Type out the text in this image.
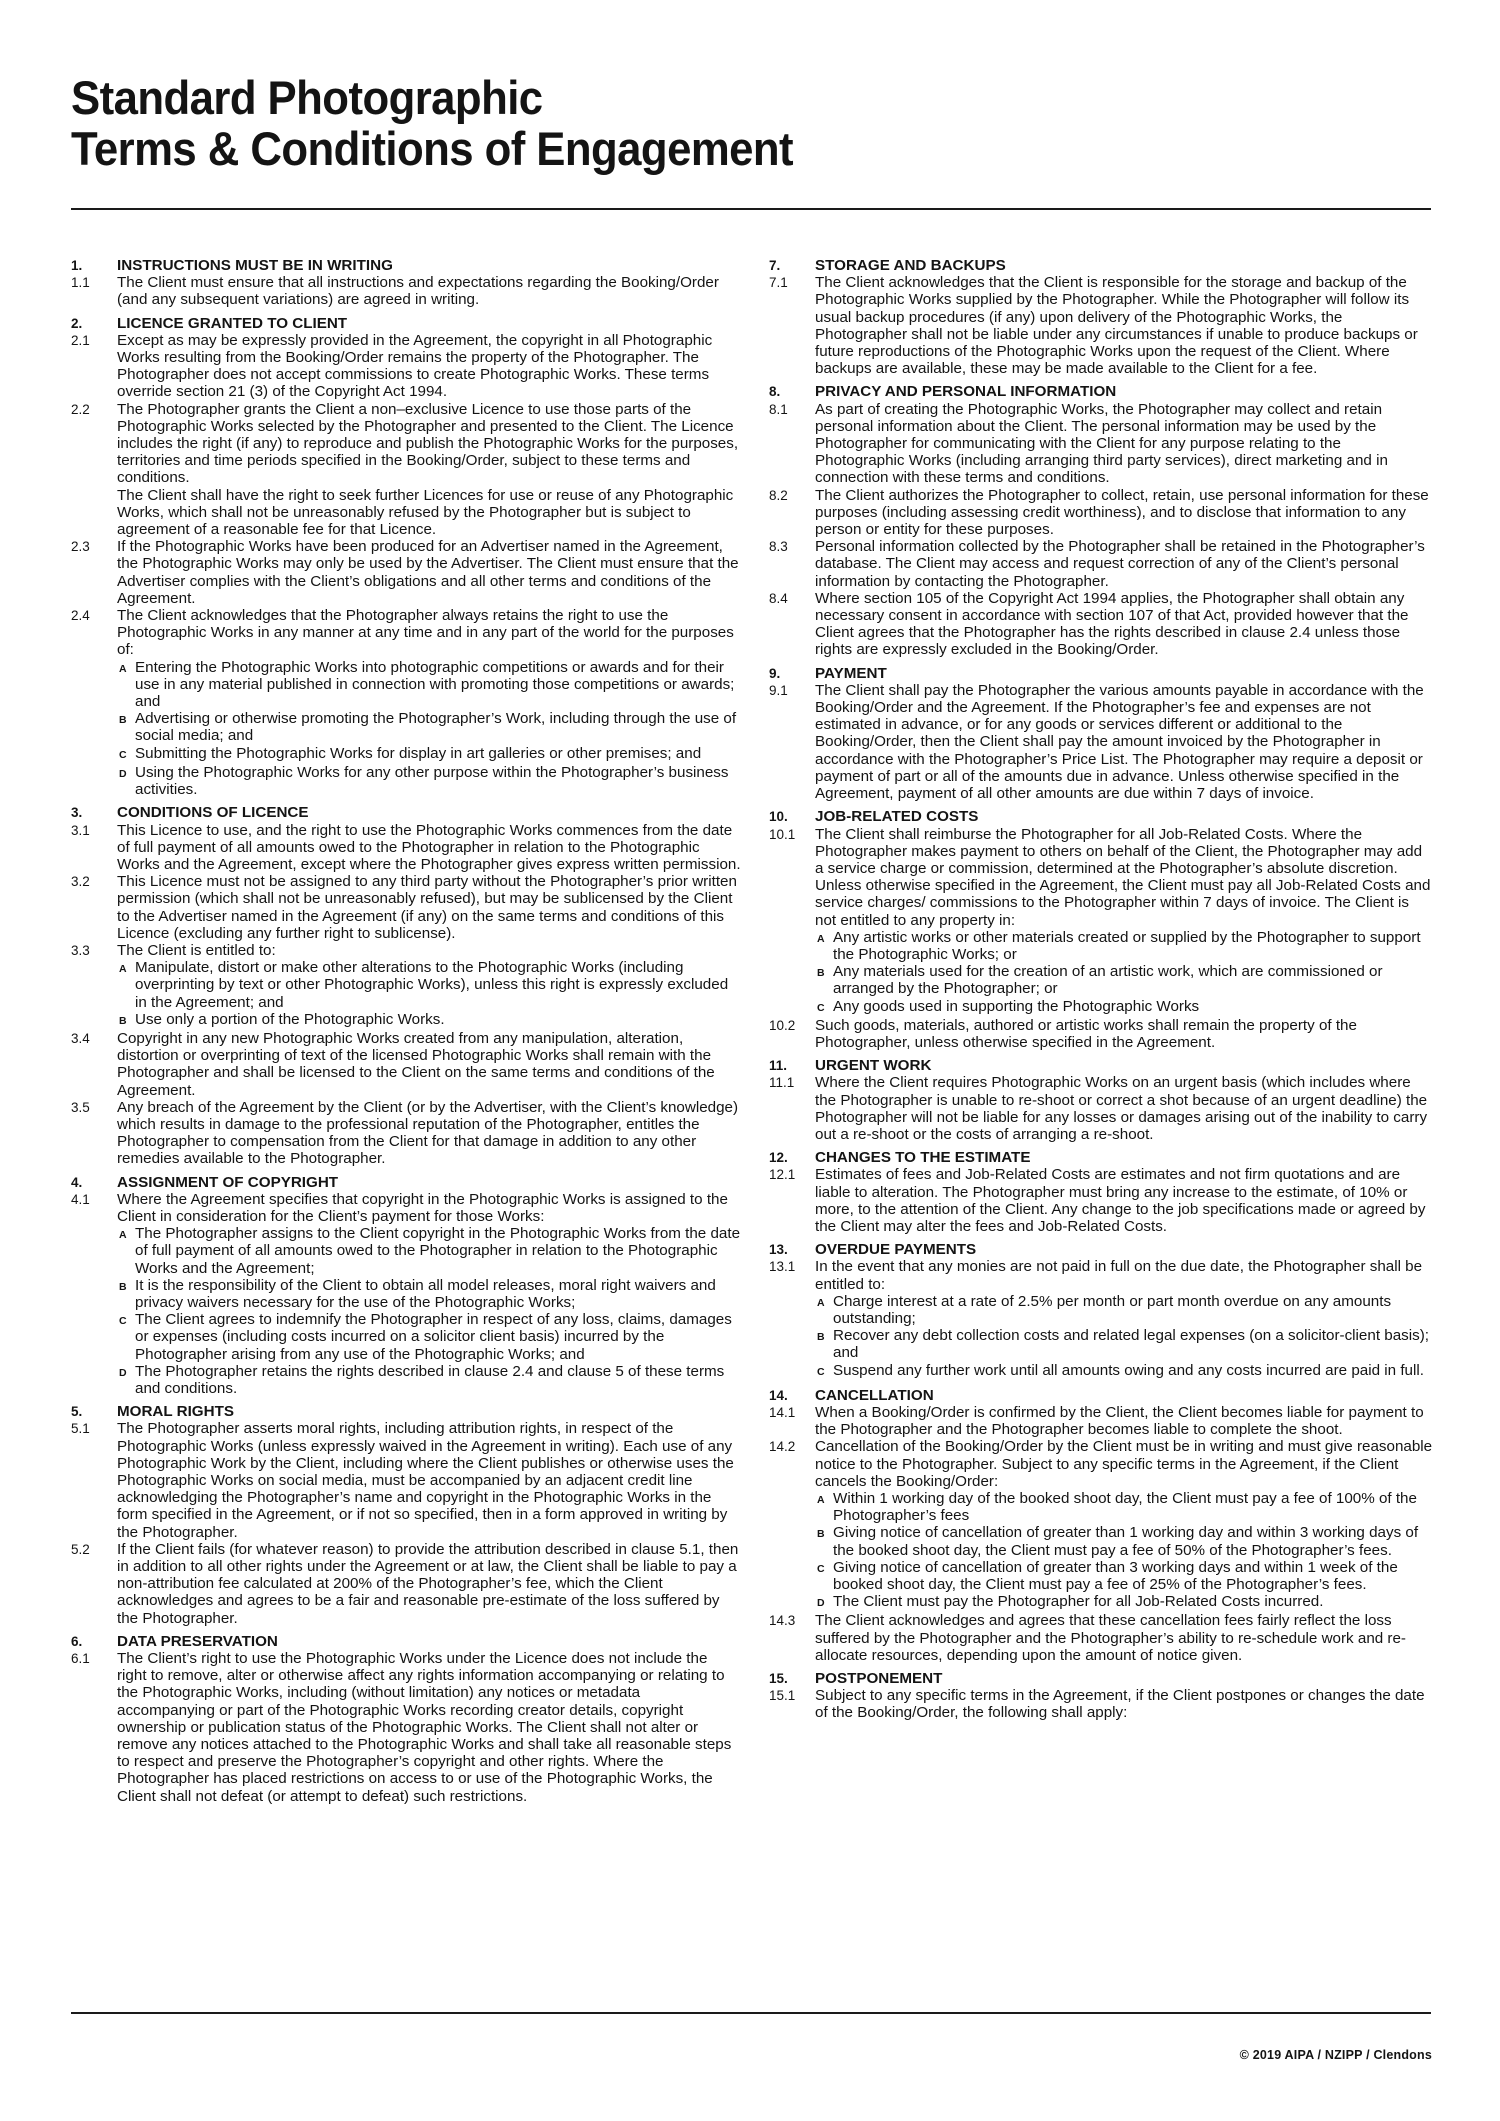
Standard Photographic
Terms & Conditions of Engagement
1.	INSTRUCTIONS MUST BE IN WRITING
1.1	The Client must ensure that all instructions and expectations regarding the Booking/Order (and any subsequent variations) are agreed in writing.
2.	LICENCE GRANTED TO CLIENT
2.1	Except as may be expressly provided in the Agreement, the copyright in all Photographic Works resulting from the Booking/Order remains the property of the Photographer. The Photographer does not accept commissions to create Photographic Works. These terms override section 21 (3) of the Copyright Act 1994.
2.2	The Photographer grants the Client a non–exclusive Licence to use those parts of the Photographic Works selected by the Photographer and presented to the Client. The Licence includes the right (if any) to reproduce and publish the Photographic Works for the purposes, territories and time periods specified in the Booking/Order, subject to these terms and conditions.
The Client shall have the right to seek further Licences for use or reuse of any Photographic Works, which shall not be unreasonably refused by the Photographer but is subject to agreement of a reasonable fee for that Licence.
2.3	If the Photographic Works have been produced for an Advertiser named in the Agreement, the Photographic Works may only be used by the Advertiser. The Client must ensure that the Advertiser complies with the Client’s obligations and all other terms and conditions of the Agreement.
2.4	The Client acknowledges that the Photographer always retains the right to use the Photographic Works in any manner at any time and in any part of the world for the purposes of:
A Entering the Photographic Works into photographic competitions or awards and for their use in any material published in connection with promoting those competitions or awards; and
B Advertising or otherwise promoting the Photographer’s Work, including through the use of social media; and
C Submitting the Photographic Works for display in art galleries or other premises; and
D Using the Photographic Works for any other purpose within the Photographer’s business activities.
3.	CONDITIONS OF LICENCE
3.1	This Licence to use, and the right to use the Photographic Works commences from the date of full payment of all amounts owed to the Photographer in relation to the Photographic Works and the Agreement, except where the Photographer gives express written permission.
3.2	This Licence must not be assigned to any third party without the Photographer’s prior written permission (which shall not be unreasonably refused), but may be sublicensed by the Client to the Advertiser named in the Agreement (if any) on the same terms and conditions of this Licence (excluding any further right to sublicense).
3.3	The Client is entitled to:
A Manipulate, distort or make other alterations to the Photographic Works (including overprinting by text or other Photographic Works), unless this right is expressly excluded in the Agreement; and
B Use only a portion of the Photographic Works.
3.4	Copyright in any new Photographic Works created from any manipulation, alteration, distortion or overprinting of text of the licensed Photographic Works shall remain with the Photographer and shall be licensed to the Client on the same terms and conditions of the Agreement.
3.5	Any breach of the Agreement by the Client (or by the Advertiser, with the Client’s knowledge) which results in damage to the professional reputation of the Photographer, entitles the Photographer to compensation from the Client for that damage in addition to any other remedies available to the Photographer.
4.	ASSIGNMENT OF COPYRIGHT
4.1	Where the Agreement specifies that copyright in the Photographic Works is assigned to the Client in consideration for the Client’s payment for those Works:
A The Photographer assigns to the Client copyright in the Photographic Works from the date of full payment of all amounts owed to the Photographer in relation to the Photographic Works and the Agreement;
B It is the responsibility of the Client to obtain all model releases, moral right waivers and privacy waivers necessary for the use of the Photographic Works;
C The Client agrees to indemnify the Photographer in respect of any loss, claims, damages or expenses (including costs incurred on a solicitor client basis) incurred by the Photographer arising from any use of the Photographic Works; and
D The Photographer retains the rights described in clause 2.4 and clause 5 of these terms and conditions.
5.	MORAL RIGHTS
5.1	The Photographer asserts moral rights, including attribution rights, in respect of the Photographic Works (unless expressly waived in the Agreement in writing). Each use of any Photographic Work by the Client, including where the Client publishes or otherwise uses the Photographic Works on social media, must be accompanied by an adjacent credit line acknowledging the Photographer’s name and copyright in the Photographic Works in the form specified in the Agreement, or if not so specified, then in a form approved in writing by the Photographer.
5.2	If the Client fails (for whatever reason) to provide the attribution described in clause 5.1, then in addition to all other rights under the Agreement or at law, the Client shall be liable to pay a non-attribution fee calculated at 200% of the Photographer’s fee, which the Client acknowledges and agrees to be a fair and reasonable pre-estimate of the loss suffered by the Photographer.
6.	DATA PRESERVATION
6.1	The Client’s right to use the Photographic Works under the Licence does not include the right to remove, alter or otherwise affect any rights information accompanying or relating to the Photographic Works, including (without limitation) any notices or metadata accompanying or part of the Photographic Works recording creator details, copyright ownership or publication status of the Photographic Works. The Client shall not alter or remove any notices attached to the Photographic Works and shall take all reasonable steps to respect and preserve the Photographer’s copyright and other rights. Where the Photographer has placed restrictions on access to or use of the Photographic Works, the Client shall not defeat (or attempt to defeat) such restrictions.
7.	STORAGE AND BACKUPS
7.1	The Client acknowledges that the Client is responsible for the storage and backup of the Photographic Works supplied by the Photographer. While the Photographer will follow its usual backup procedures (if any) upon delivery of the Photographic Works, the Photographer shall not be liable under any circumstances if unable to produce backups or future reproductions of the Photographic Works upon the request of the Client. Where backups are available, these may be made available to the Client for a fee.
8.	PRIVACY AND PERSONAL INFORMATION
8.1	As part of creating the Photographic Works, the Photographer may collect and retain personal information about the Client. The personal information may be used by the Photographer for communicating with the Client for any purpose relating to the Photographic Works (including arranging third party services), direct marketing and in connection with these terms and conditions.
8.2	The Client authorizes the Photographer to collect, retain, use personal information for these purposes (including assessing credit worthiness), and to disclose that information to any person or entity for these purposes.
8.3	Personal information collected by the Photographer shall be retained in the Photographer’s database. The Client may access and request correction of any of the Client’s personal information by contacting the Photographer.
8.4	Where section 105 of the Copyright Act 1994 applies, the Photographer shall obtain any necessary consent in accordance with section 107 of that Act, provided however that the Client agrees that the Photographer has the rights described in clause 2.4 unless those rights are expressly excluded in the Booking/Order.
9.	PAYMENT
9.1	The Client shall pay the Photographer the various amounts payable in accordance with the Booking/Order and the Agreement. If the Photographer’s fee and expenses are not estimated in advance, or for any goods or services different or additional to the Booking/Order, then the Client shall pay the amount invoiced by the Photographer in accordance with the Photographer’s Price List. The Photographer may require a deposit or payment of part or all of the amounts due in advance. Unless otherwise specified in the Agreement, payment of all other amounts are due within 7 days of invoice.
10.	JOB-RELATED COSTS
10.1	The Client shall reimburse the Photographer for all Job-Related Costs. Where the Photographer makes payment to others on behalf of the Client, the Photographer may add a service charge or commission, determined at the Photographer’s absolute discretion. Unless otherwise specified in the Agreement, the Client must pay all Job-Related Costs and service charges/ commissions to the Photographer within 7 days of invoice. The Client is not entitled to any property in:
A Any artistic works or other materials created or supplied by the Photographer to support the Photographic Works; or
B Any materials used for the creation of an artistic work, which are commissioned or arranged by the Photographer; or
C Any goods used in supporting the Photographic Works
10.2	Such goods, materials, authored or artistic works shall remain the property of the Photographer, unless otherwise specified in the Agreement.
11.	URGENT WORK
11.1	Where the Client requires Photographic Works on an urgent basis (which includes where the Photographer is unable to re-shoot or correct a shot because of an urgent deadline) the Photographer will not be liable for any losses or damages arising out of the inability to carry out a re-shoot or the costs of arranging a re-shoot.
12.	CHANGES TO THE ESTIMATE
12.1	Estimates of fees and Job-Related Costs are estimates and not firm quotations and are liable to alteration. The Photographer must bring any increase to the estimate, of 10% or more, to the attention of the Client. Any change to the job specifications made or agreed by the Client may alter the fees and Job-Related Costs.
13.	OVERDUE PAYMENTS
13.1	In the event that any monies are not paid in full on the due date, the Photographer shall be entitled to:
A Charge interest at a rate of 2.5% per month or part month overdue on any amounts outstanding;
B Recover any debt collection costs and related legal expenses (on a solicitor-client basis); and
C Suspend any further work until all amounts owing and any costs incurred are paid in full.
14.	CANCELLATION
14.1	When a Booking/Order is confirmed by the Client, the Client becomes liable for payment to the Photographer and the Photographer becomes liable to complete the shoot.
14.2	Cancellation of the Booking/Order by the Client must be in writing and must give reasonable notice to the Photographer. Subject to any specific terms in the Agreement, if the Client cancels the Booking/Order:
A Within 1 working day of the booked shoot day, the Client must pay a fee of 100% of the Photographer’s fees
B Giving notice of cancellation of greater than 1 working day and within 3 working days of the booked shoot day, the Client must pay a fee of 50% of the Photographer’s fees.
C Giving notice of cancellation of greater than 3 working days and within 1 week of the booked shoot day, the Client must pay a fee of 25% of the Photographer’s fees.
D The Client must pay the Photographer for all Job-Related Costs incurred.
14.3	The Client acknowledges and agrees that these cancellation fees fairly reflect the loss suffered by the Photographer and the Photographer’s ability to re-schedule work and re-allocate resources, depending upon the amount of notice given.
15.	POSTPONEMENT
15.1	Subject to any specific terms in the Agreement, if the Client postpones or changes the date of the Booking/Order, the following shall apply:
© 2019 AIPA / NZIPP / Clendons
